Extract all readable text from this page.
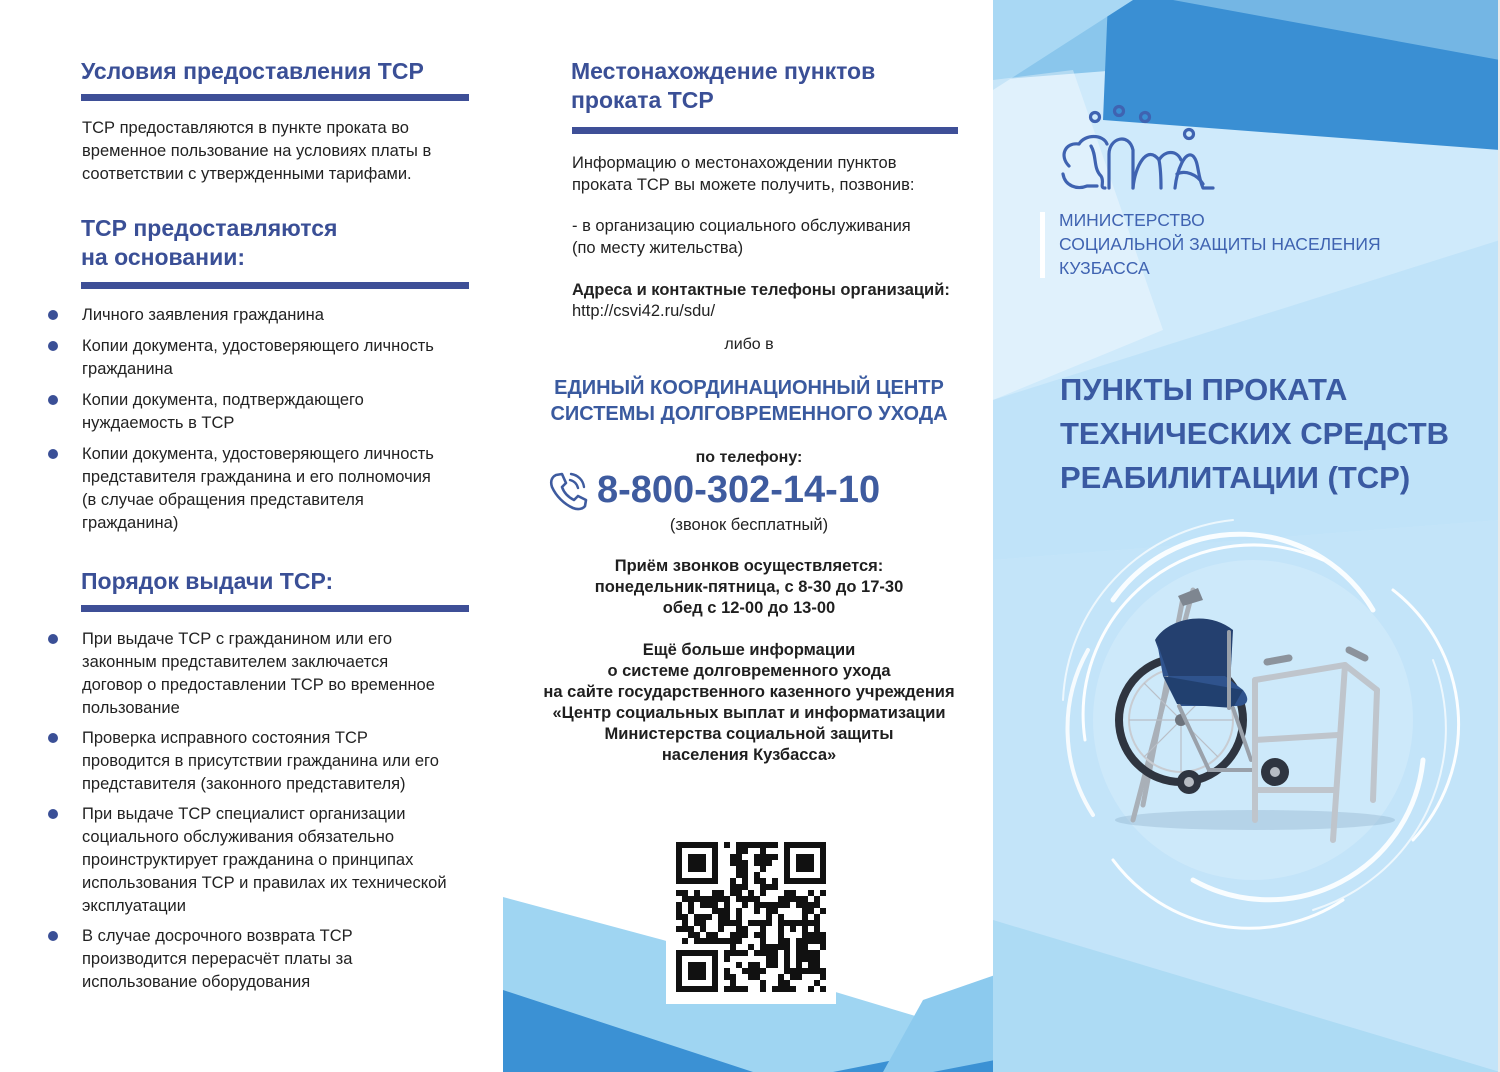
Условия предоставления ТСР
ТСР предоставляются в пункте проката во
временное пользование на условиях платы в
соответствии с утвержденными тарифами.
ТСР предоставляются
на основании:
Личного заявления гражданина
Копии документа, удостоверяющего личность
гражданина
Копии документа, подтверждающего
нуждаемость в ТСР
Копии документа, удостоверяющего личность
представителя гражданина и его полномочия
(в случае обращения представителя
гражданина)
Порядок выдачи ТСР:
При выдаче ТСР с гражданином или его
законным представителем заключается
договор о предоставлении ТСР во временное
пользование
Проверка исправного состояния ТСР
проводится в присутствии гражданина или его
представителя (законного представителя)
При выдаче ТСР специалист организации
социального обслуживания обязательно
проинструктирует гражданина о принципах
использования ТСР и правилах их технической
эксплуатации
В случае досрочного возврата ТСР
производится перерасчёт платы за
использование оборудования
Местонахождение пунктов
проката ТСР
Информацию о местонахождении пунктов
проката ТСР вы можете получить, позвонив:
- в организацию социального обслуживания
(по месту жительства)
Адреса и контактные телефоны организаций:
http://csvi42.ru/sdu/
либо в
ЕДИНЫЙ КООРДИНАЦИОННЫЙ ЦЕНТР
СИСТЕМЫ ДОЛГОВРЕМЕННОГО УХОДА
по телефону:
8-800-302-14-10
(звонок бесплатный)
Приём звонков осуществляется:
понедельник-пятница, с 8-30 до 17-30
обед с 12-00 до 13-00
Ещё больше информации
о системе долговременного ухода
на сайте государственного казенного учреждения
«Центр социальных выплат и информатизации
Министерства социальной защиты
населения Кузбасса»
МИНИСТЕРСТВО
СОЦИАЛЬНОЙ ЗАЩИТЫ НАСЕЛЕНИЯ
КУЗБАССА
ПУНКТЫ ПРОКАТА
ТЕХНИЧЕСКИХ СРЕДСТВ
РЕАБИЛИТАЦИИ (ТСР)
